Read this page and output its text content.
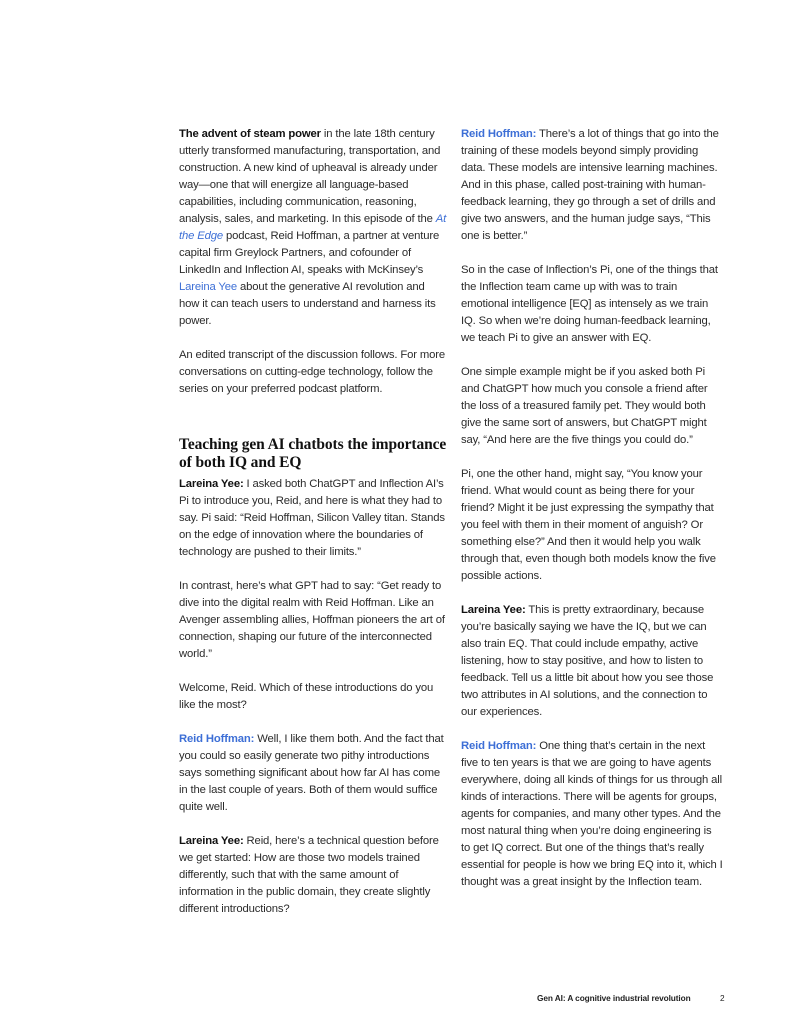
The advent of steam power in the late 18th century utterly transformed manufacturing, transportation, and construction. A new kind of upheaval is already under way—one that will energize all language-based capabilities, including communication, reasoning, analysis, sales, and marketing. In this episode of the At the Edge podcast, Reid Hoffman, a partner at venture capital firm Greylock Partners, and cofounder of LinkedIn and Inflection AI, speaks with McKinsey’s Lareina Yee about the generative AI revolution and how it can teach users to understand and harness its power.

An edited transcript of the discussion follows. For more conversations on cutting-edge technology, follow the series on your preferred podcast platform.

Teaching gen AI chatbots the importance of both IQ and EQ

Lareina Yee: I asked both ChatGPT and Inflection AI’s Pi to introduce you, Reid, and here is what they had to say. Pi said: “Reid Hoffman, Silicon Valley titan. Stands on the edge of innovation where the boundaries of technology are pushed to their limits.”

In contrast, here’s what GPT had to say: “Get ready to dive into the digital realm with Reid Hoffman. Like an Avenger assembling allies, Hoffman pioneers the art of connection, shaping our future of the interconnected world.”

Welcome, Reid. Which of these introductions do you like the most?

Reid Hoffman: Well, I like them both. And the fact that you could so easily generate two pithy introductions says something significant about how far AI has come in the last couple of years. Both of them would suffice quite well.

Lareina Yee: Reid, here’s a technical question before we get started: How are those two models trained differently, such that with the same amount of information in the public domain, they create slightly different introductions?

Reid Hoffman: There’s a lot of things that go into the training of these models beyond simply providing data. These models are intensive learning machines. And in this phase, called post-training with human-feedback learning, they go through a set of drills and give two answers, and the human judge says, “This one is better.”

So in the case of Inflection’s Pi, one of the things that the Inflection team came up with was to train emotional intelligence [EQ] as intensely as we train IQ. So when we’re doing human-feedback learning, we teach Pi to give an answer with EQ.

One simple example might be if you asked both Pi and ChatGPT how much you console a friend after the loss of a treasured family pet. They would both give the same sort of answers, but ChatGPT might say, “And here are the five things you could do.”

Pi, one the other hand, might say, “You know your friend. What would count as being there for your friend? Might it be just expressing the sympathy that you feel with them in their moment of anguish? Or something else?” And then it would help you walk through that, even though both models know the five possible actions.

Lareina Yee: This is pretty extraordinary, because you’re basically saying we have the IQ, but we can also train EQ. That could include empathy, active listening, how to stay positive, and how to listen to feedback. Tell us a little bit about how you see those two attributes in AI solutions, and the connection to our experiences.

Reid Hoffman: One thing that’s certain in the next five to ten years is that we are going to have agents everywhere, doing all kinds of things for us through all kinds of interactions. There will be agents for groups, agents for companies, and many other types. And the most natural thing when you’re doing engineering is to get IQ correct. But one of the things that’s really essential for people is how we bring EQ into it, which I thought was a great insight by the Inflection team.

Gen AI: A cognitive industrial revolution	2
